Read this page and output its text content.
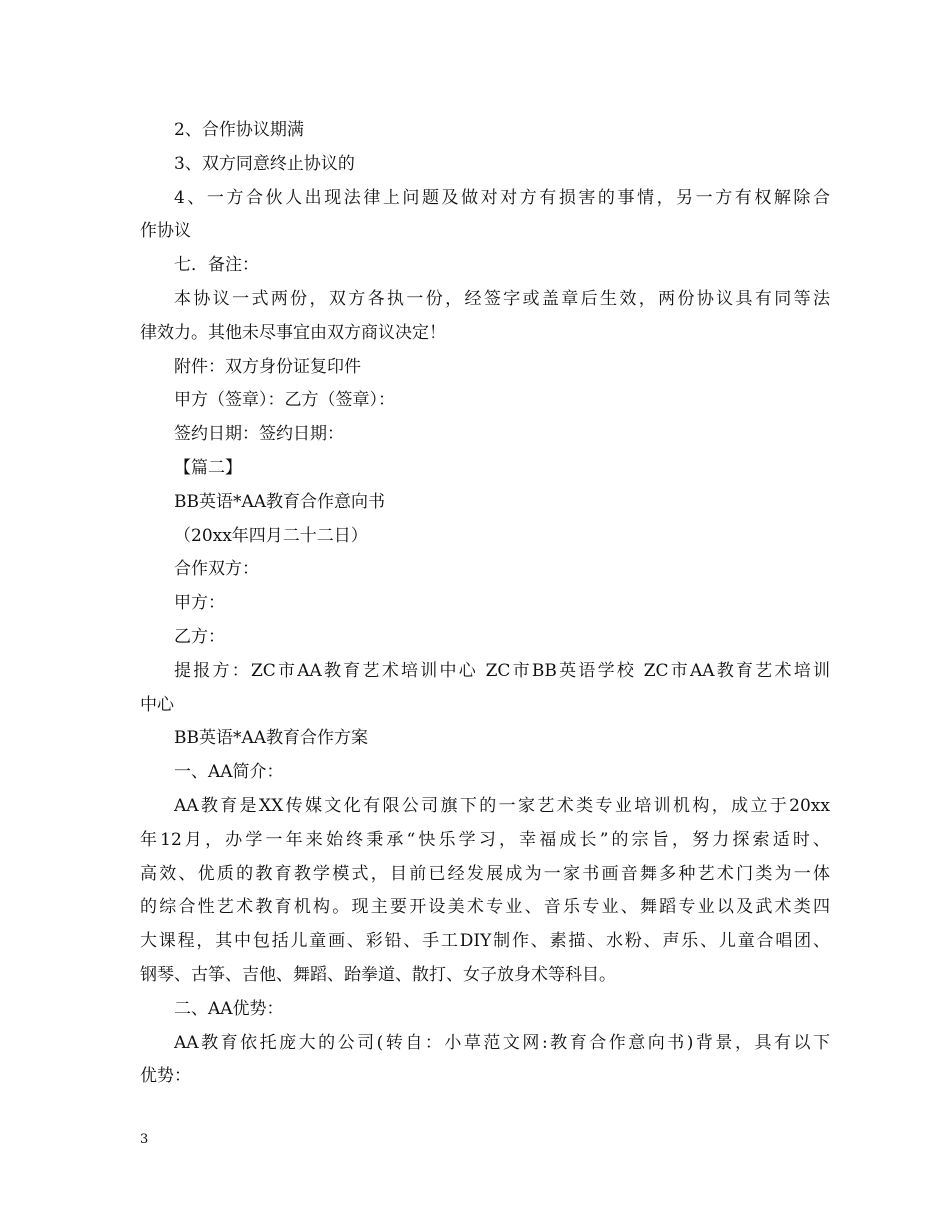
2、合作协议期满
3、双方同意终止协议的
4、一方合伙人出现法律上问题及做对对方有损害的事情，另一方有权解除合
作协议
七．备注：
本协议一式两份，双方各执一份，经签字或盖章后生效，两份协议具有同等法
律效力。其他未尽事宜由双方商议决定！
附件：双方身份证复印件
甲方（签章）：乙方（签章）：
签约日期：签约日期：
【篇二】
BB英语*AA教育合作意向书
（20xx年四月二十二日）
合作双方：
甲方：
乙方：
提报方：ZC市AA教育艺术培训中心 ZC市BB英语学校 ZC市AA教育艺术培训
中心
BB英语*AA教育合作方案
一、AA简介：
AA教育是XX传媒文化有限公司旗下的一家艺术类专业培训机构，成立于20xx
年12月，办学一年来始终秉承“快乐学习，幸福成长”的宗旨，努力探索适时、
高效、优质的教育教学模式，目前已经发展成为一家书画音舞多种艺术门类为一体
的综合性艺术教育机构。现主要开设美术专业、音乐专业、舞蹈专业以及武术类四
大课程，其中包括儿童画、彩铅、手工DIY制作、素描、水粉、声乐、儿童合唱团、
钢琴、古筝、吉他、舞蹈、跆拳道、散打、女子放身术等科目。
二、AA优势：
AA教育依托庞大的公司(转自：小草范文网:教育合作意向书)背景，具有以下
优势：
3
